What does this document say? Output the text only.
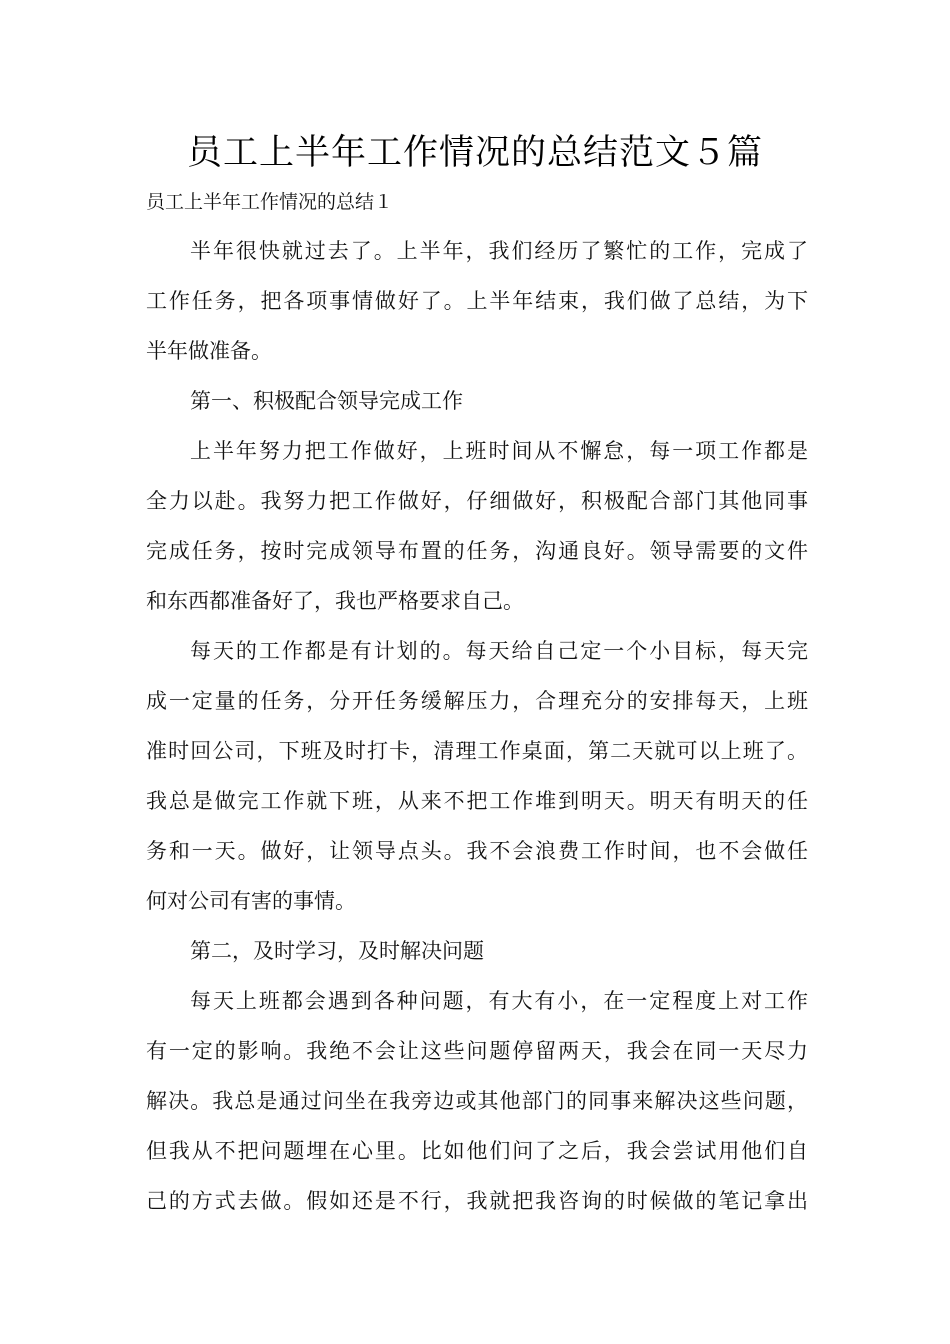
员工上半年工作情况的总结范文５篇
员工上半年工作情况的总结１
半年很快就过去了。上半年，我们经历了繁忙的工作，完成了
工作任务，把各项事情做好了。上半年结束，我们做了总结，为下
半年做准备。
第一、积极配合领导完成工作
上半年努力把工作做好，上班时间从不懈怠，每一项工作都是
全力以赴。我努力把工作做好，仔细做好，积极配合部门其他同事
完成任务，按时完成领导布置的任务，沟通良好。领导需要的文件
和东西都准备好了，我也严格要求自己。
每天的工作都是有计划的。每天给自己定一个小目标，每天完
成一定量的任务，分开任务缓解压力，合理充分的安排每天，上班
准时回公司，下班及时打卡，清理工作桌面，第二天就可以上班了。
我总是做完工作就下班，从来不把工作堆到明天。明天有明天的任
务和一天。做好，让领导点头。我不会浪费工作时间，也不会做任
何对公司有害的事情。
第二，及时学习，及时解决问题
每天上班都会遇到各种问题，有大有小，在一定程度上对工作
有一定的影响。我绝不会让这些问题停留两天，我会在同一天尽力
解决。我总是通过问坐在我旁边或其他部门的同事来解决这些问题，
但我从不把问题埋在心里。比如他们问了之后，我会尝试用他们自
己的方式去做。假如还是不行，我就把我咨询的时候做的笔记拿出
